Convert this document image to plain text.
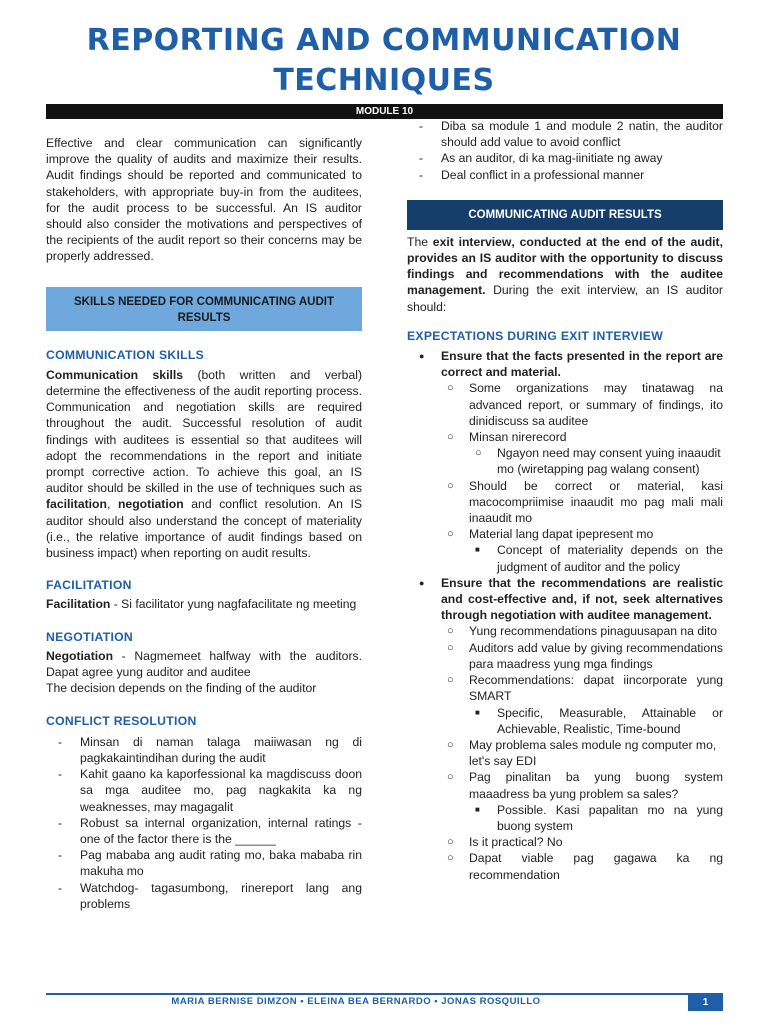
REPORTING AND COMMUNICATION
TECHNIQUES
MODULE 10

Effective and clear communication can significantly improve the quality of audits and maximize their results. Audit findings should be reported and communicated to stakeholders, with appropriate buy-in from the auditees, for the audit process to be successful. An IS auditor should also consider the motivations and perspectives of the recipients of the audit report so their concerns may be properly addressed.

SKILLS NEEDED FOR COMMUNICATING AUDIT RESULTS
COMMUNICATION SKILLS

Communication skills (both written and verbal) determine the effectiveness of the audit reporting process. Communication and negotiation skills are required throughout the audit. Successful resolution of audit findings with auditees is essential so that auditees will adopt the recommendations in the report and initiate prompt corrective action. To achieve this goal, an IS auditor should be skilled in the use of techniques such as facilitation, negotiation and conflict resolution. An IS auditor should also understand the concept of materiality (i.e., the relative importance of audit findings based on business impact) when reporting on audit results.

FACILITATION

Facilitation - Si facilitator yung nagfafacilitate ng meeting

NEGOTIATION

Negotiation - Nagmemeet halfway with the auditors. Dapat agree yung auditor and auditee

The decision depends on the finding of the auditor

CONFLICT RESOLUTION
- Minsan di naman talaga maiiwasan ng di pagkakaintindihan during the audit
- Kahit gaano ka kaporfessional ka magdiscuss doon sa mga auditee mo, pag nagkakita ka ng weaknesses, may magagalit
- Robust sa internal organization, internal ratings - one of the factor there is the ______
- Pag mababa ang audit rating mo, baka mababa rin makuha mo
- Watchdog- tagasumbong, rinereport lang ang problems
- Diba sa module 1 and module 2 natin, the auditor should add value to avoid conflict
- As an auditor, di ka mag-iinitiate ng away
- Deal conflict in a professional manner
COMMUNICATING AUDIT RESULTS

The exit interview, conducted at the end of the audit, provides an IS auditor with the opportunity to discuss findings and recommendations with the auditee management. During the exit interview, an IS auditor should:

EXPECTATIONS DURING EXIT INTERVIEW
● Ensure that the facts presented in the report are correct and material.
○ Some organizations may tinatawag na advanced report, or summary of findings, ito dinidiscuss sa auditee
○ Minsan nirerecord
○ Ngayon need may consent yuing inaaudit mo (wiretapping pag walang consent)
○ Should be correct or material, kasi macocompriimise inaaudit mo pag mali mali inaaudit mo
○ Material lang dapat ipepresent mo
■ Concept of materiality depends on the judgment of auditor and the policy
● Ensure that the recommendations are realistic and cost-effective and, if not, seek alternatives through negotiation with auditee management.
○ Yung recommendations pinaguusapan na dito
○ Auditors add value by giving recommendations para maadress yung mga findings
○ Recommendations: dapat iincorporate yung SMART
■ Specific, Measurable, Attainable or Achievable, Realistic, Time-bound
○ May problema sales module ng computer mo, let's say EDI
○ Pag pinalitan ba yung buong system maaadress ba yung problem sa sales?
■ Possible. Kasi papalitan mo na yung buong system
○ Is it practical? No
○ Dapat viable pag gagawa ka ng recommendation
MARIA BERNISE DIMZON • ELEINA BEA BERNARDO • JONAS ROSQUILLO	1
